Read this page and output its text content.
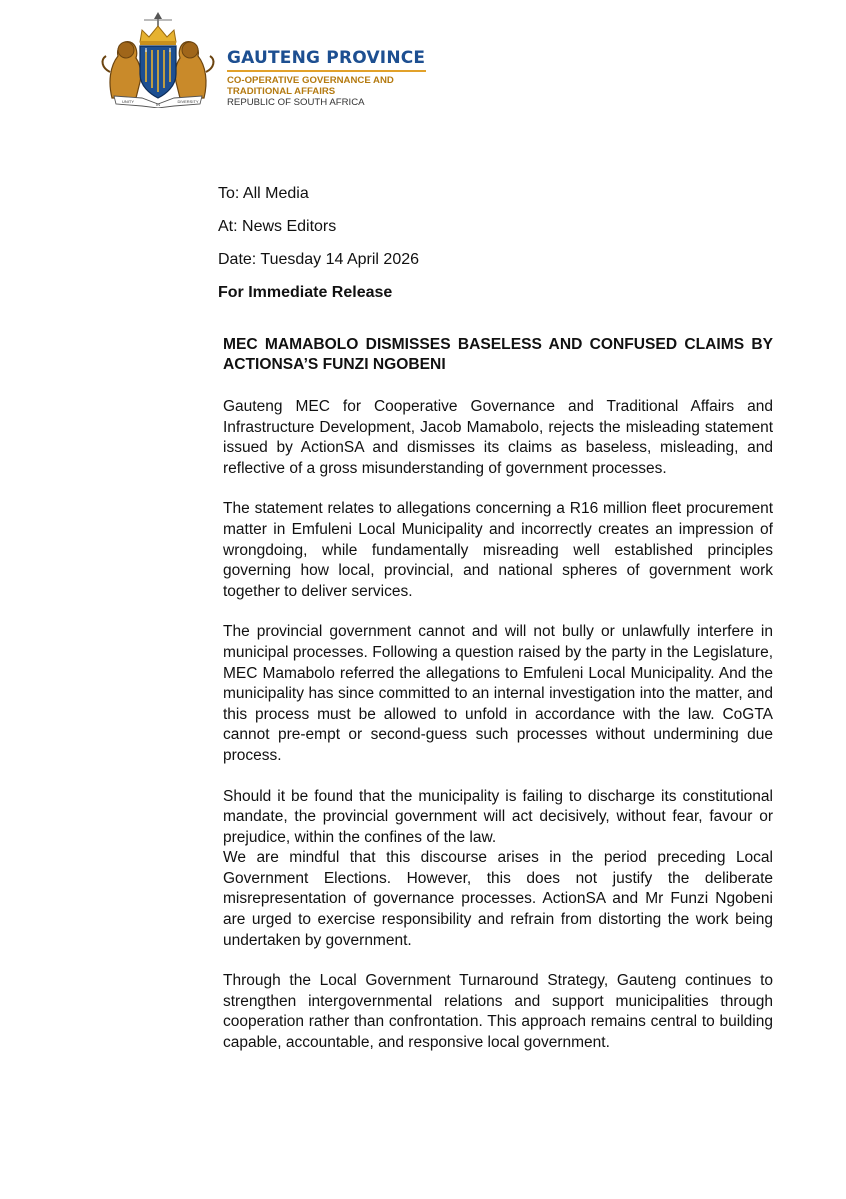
UNITY
IN
DIVERSITY
GAUTENG PROVINCE
CO-OPERATIVE GOVERNANCE AND
TRADITIONAL AFFAIRS
REPUBLIC OF SOUTH AFRICA
To: All Media
At: News Editors
Date: Tuesday 14 April 2026
For Immediate Release

MEC MAMABOLO DISMISSES BASELESS AND CONFUSED CLAIMS BY ACTIONSA’S FUNZI NGOBENI

Gauteng MEC for Cooperative Governance and Traditional Affairs and Infrastructure Development, Jacob Mamabolo, rejects the misleading statement issued by ActionSA and dismisses its claims as baseless, misleading, and reflective of a gross misunderstanding of government processes.

The statement relates to allegations concerning a R16 million fleet procurement matter in Emfuleni Local Municipality and incorrectly creates an impression of wrongdoing, while fundamentally misreading well established principles governing how local, provincial, and national spheres of government work together to deliver services.

The provincial government cannot and will not bully or unlawfully interfere in municipal processes. Following a question raised by the party in the Legislature, MEC Mamabolo referred the allegations to Emfuleni Local Municipality. And the municipality has since committed to an internal investigation into the matter, and this process must be allowed to unfold in accordance with the law. CoGTA cannot pre-empt or second-guess such processes without undermining due process.

Should it be found that the municipality is failing to discharge its constitutional mandate, the provincial government will act decisively, without fear, favour or prejudice, within the confines of the law.

We are mindful that this discourse arises in the period preceding Local Government Elections. However, this does not justify the deliberate misrepresentation of governance processes. ActionSA and Mr Funzi Ngobeni are urged to exercise responsibility and refrain from distorting the work being undertaken by government.

Through the Local Government Turnaround Strategy, Gauteng continues to strengthen intergovernmental relations and support municipalities through cooperation rather than confrontation. This approach remains central to building capable, accountable, and responsive local government.
